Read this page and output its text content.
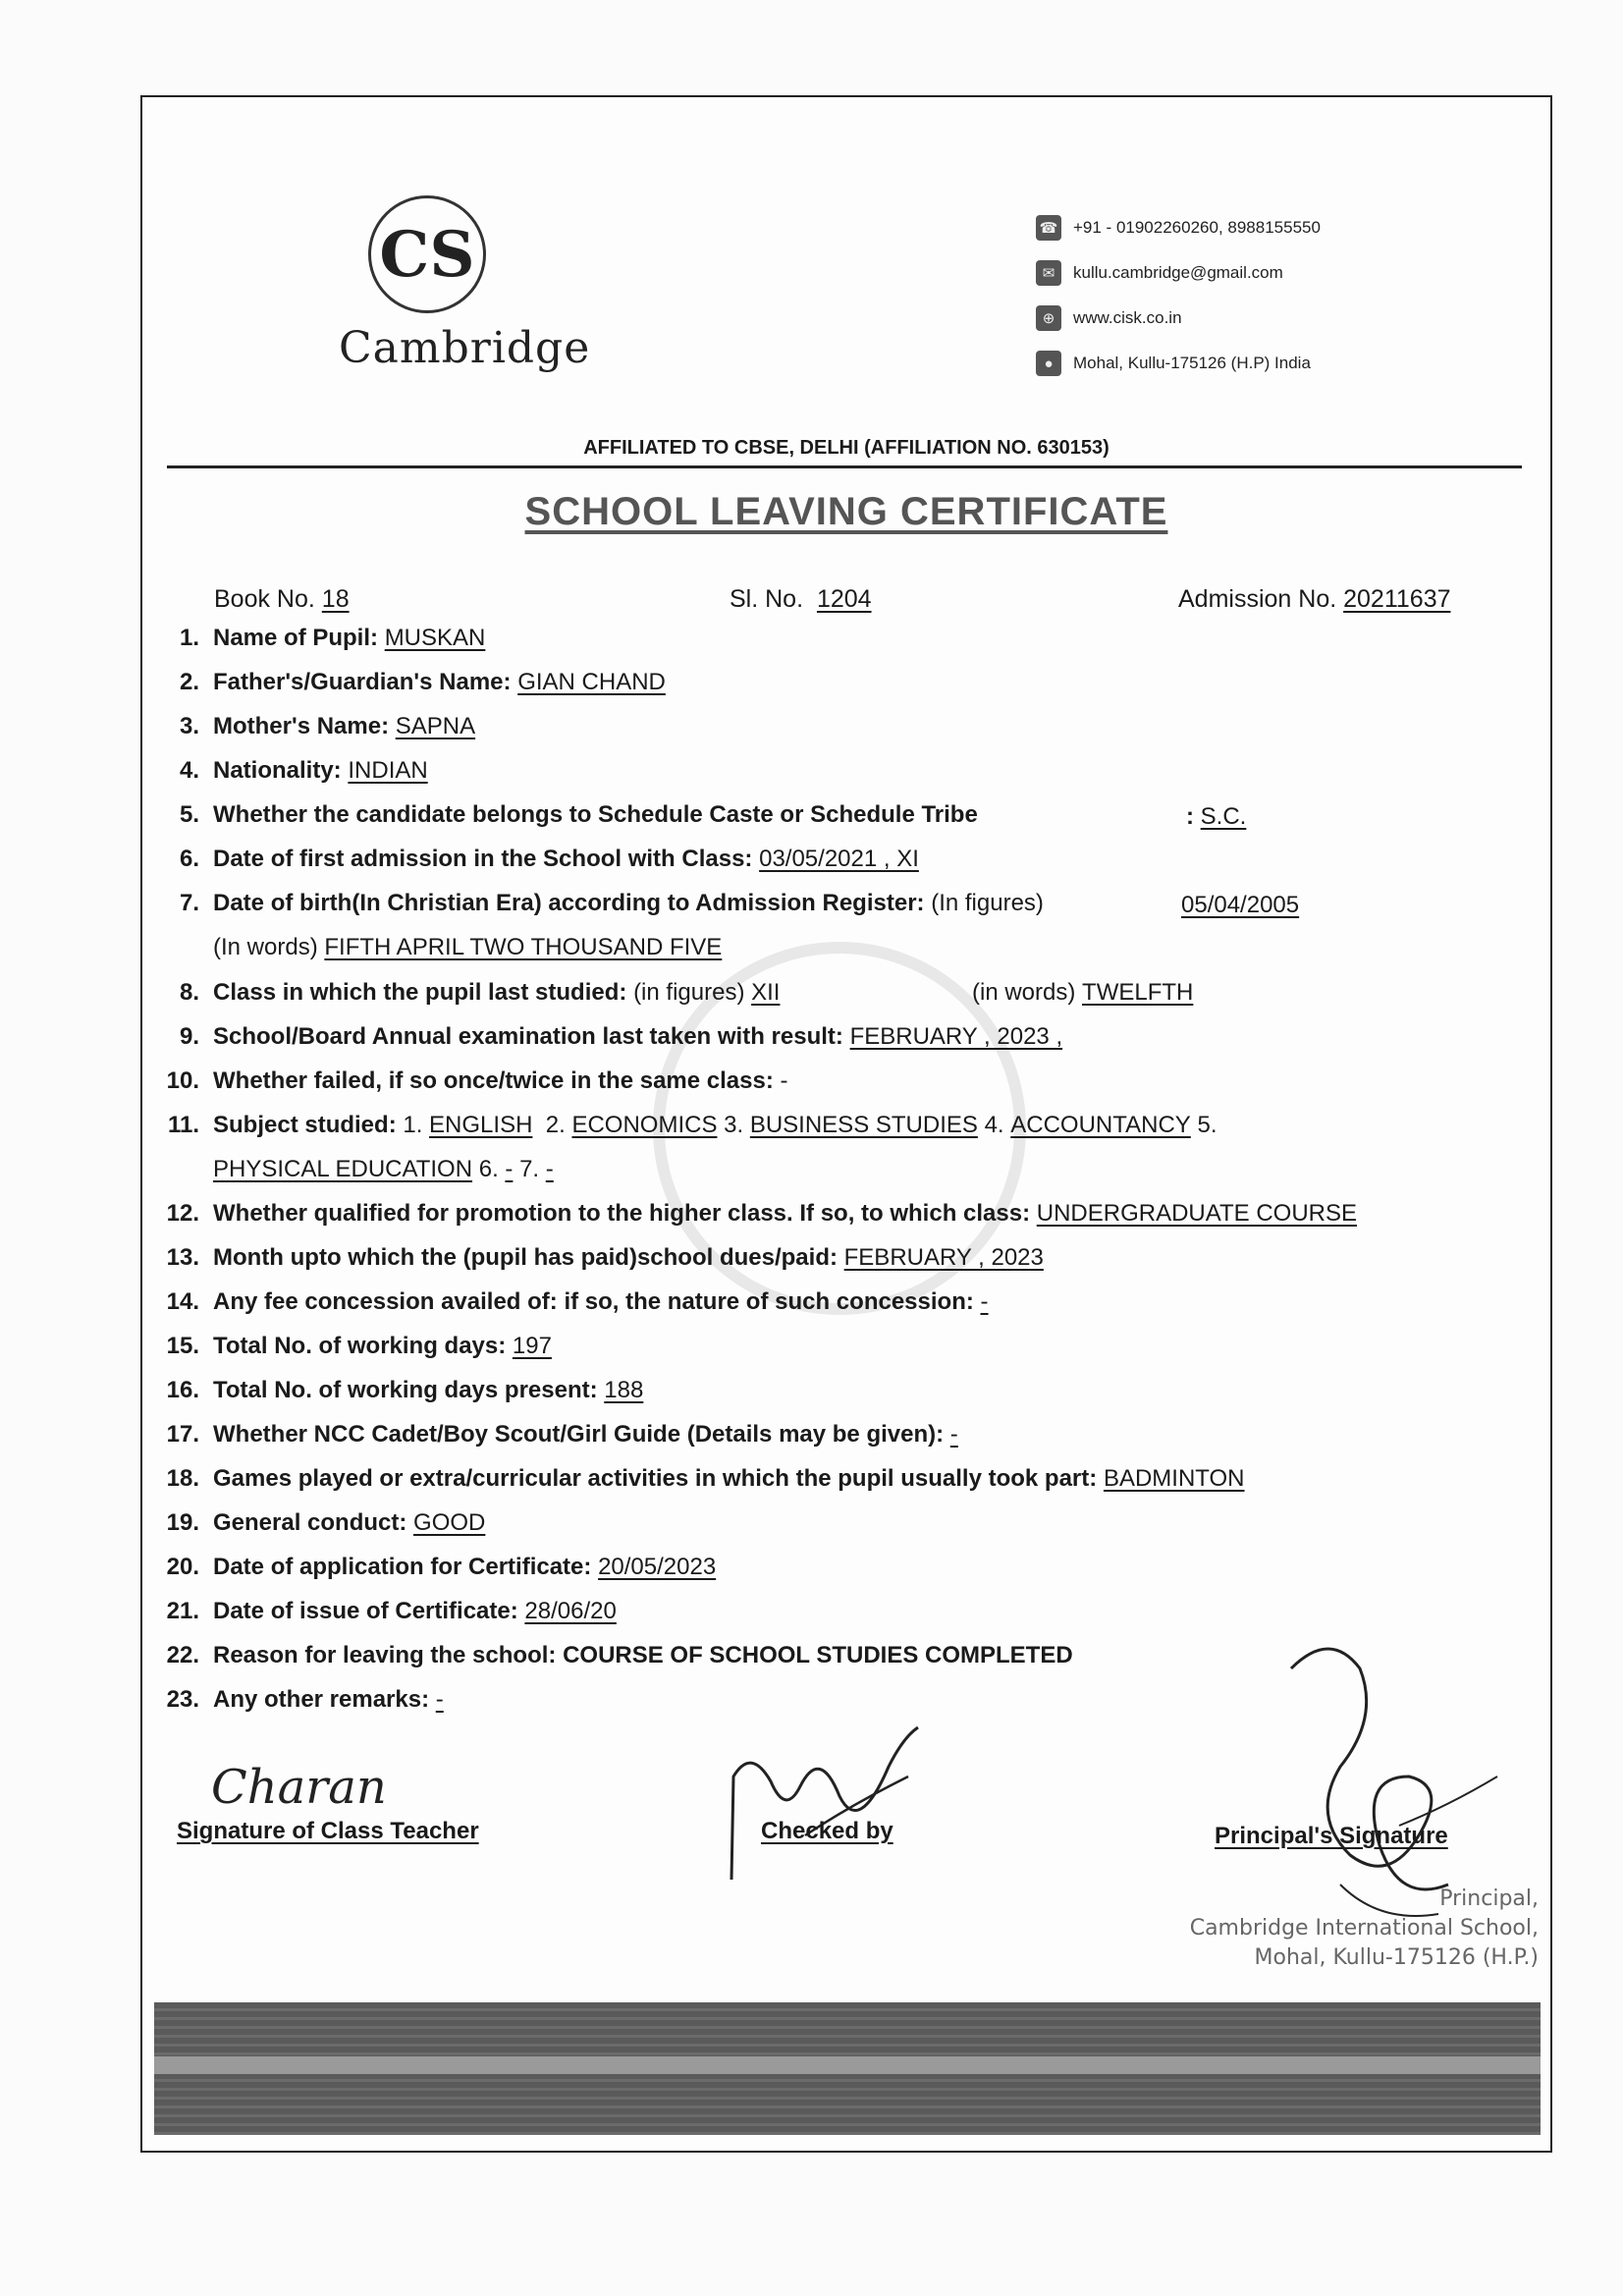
CS
Cambridge
☎ +91 - 01902260260, 8988155550
✉	kullu.cambridge@gmail.com
⊕	www.cisk.co.in
●	Mohal, Kullu-175126 (H.P) India
AFFILIATED TO CBSE, DELHI (AFFILIATION NO. 630153)
SCHOOL LEAVING CERTIFICATE
Book No. 18	Sl. No. 1204	Admission No. 20211637
1. Name of Pupil: MUSKAN
2. Father's/Guardian's Name: GIAN CHAND
3. Mother's Name: SAPNA
4. Nationality: INDIAN
5. Whether the candidate belongs to Schedule Caste or Schedule Tribe	: S.C.
6. Date of first admission in the School with Class: 03/05/2021 , XI
7. Date of birth(In Christian Era) according to Admission Register: (In figures)	05/04/2005
(In words) FIFTH APRIL TWO THOUSAND FIVE
8. Class in which the pupil last studied: (in figures) XII	(in words) TWELFTH
9. School/Board Annual examination last taken with result: FEBRUARY , 2023 ,
10. Whether failed, if so once/twice in the same class: -
11. Subject studied: 1. ENGLISH 2. ECONOMICS 3. BUSINESS STUDIES 4. ACCOUNTANCY 5.
PHYSICAL EDUCATION 6. - 7. -
12. Whether qualified for promotion to the higher class. If so, to which class: UNDERGRADUATE COURSE
13. Month upto which the (pupil has paid)school dues/paid: FEBRUARY , 2023
14. Any fee concession availed of: if so, the nature of such concession: -
15. Total No. of working days: 197
16. Total No. of working days present: 188
17. Whether NCC Cadet/Boy Scout/Girl Guide (Details may be given): -
18. Games played or extra/curricular activities in which the pupil usually took part: BADMINTON
19. General conduct: GOOD
20. Date of application for Certificate: 20/05/2023
21. Date of issue of Certificate: 28/06/20
22. Reason for leaving the school: COURSE OF SCHOOL STUDIES COMPLETED
23. Any other remarks: -
Charan
Signature of Class Teacher	Checked by	Principal's Signature
Principal,
Cambridge International School,
Mohal, Kullu-175126 (H.P.)
